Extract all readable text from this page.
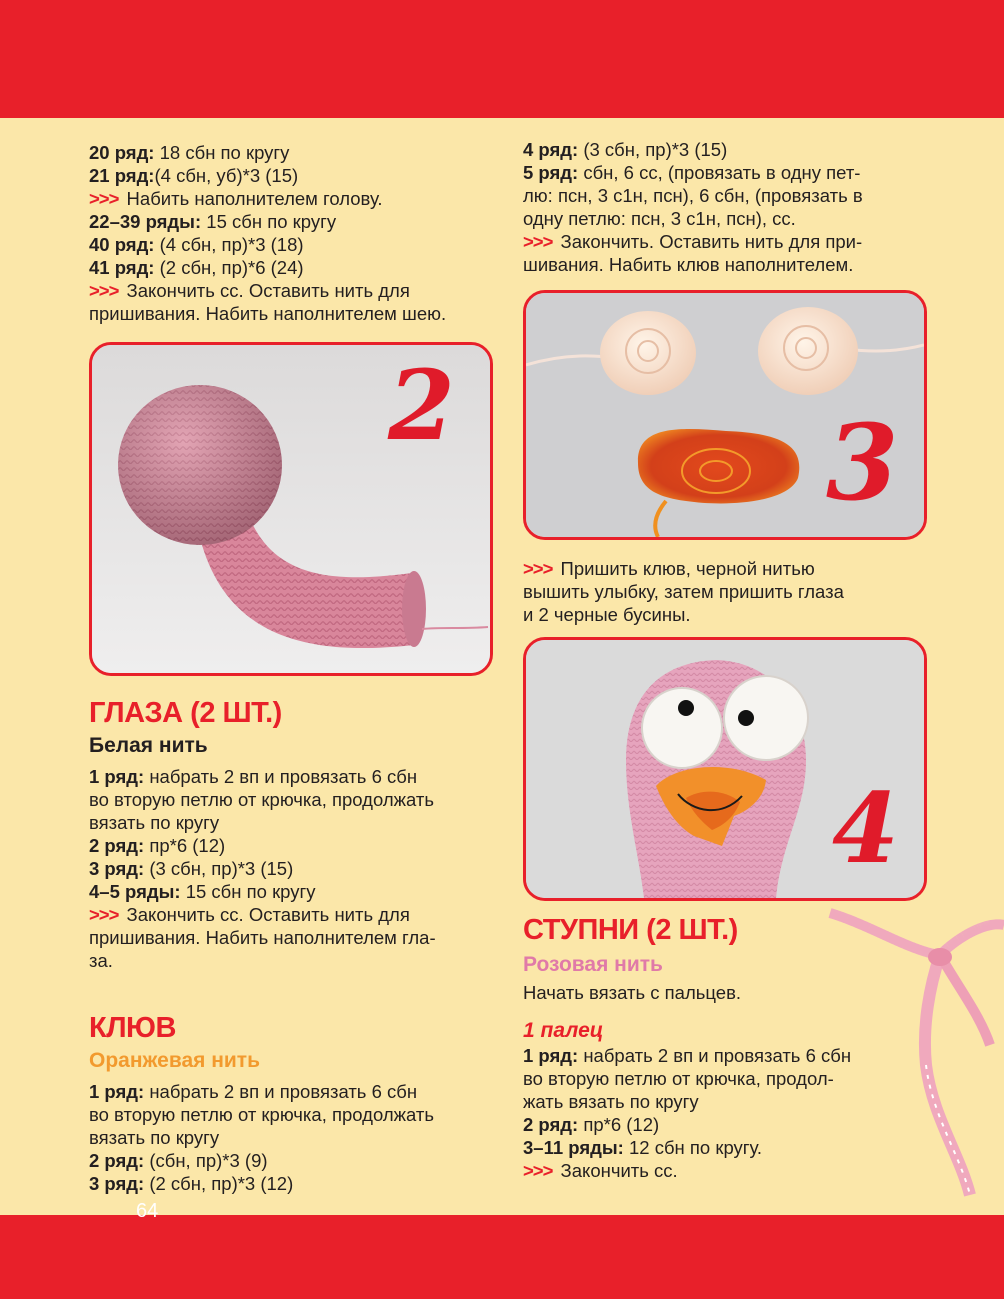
20 ряд: 18 сбн по кругу
21 ряд:(4 сбн, уб)*3 (15)
>>> Набить наполнителем голову.
22–39 ряды: 15 сбн по кругу
40 ряд: (4 сбн, пр)*3 (18)
41 ряд: (2 сбн, пр)*6 (24)
>>> Закончить сс. Оставить нить для
пришивания. Набить наполнителем шею.
2
ГЛАЗА (2 ШТ.)
Белая нить
1 ряд: набрать 2 вп и провязать 6 сбн
во вторую петлю от крючка, продолжать
вязать по кругу
2 ряд: пр*6 (12)
3 ряд: (3 сбн, пр)*3 (15)
4–5 ряды: 15 сбн по кругу
>>> Закончить сс. Оставить нить для
пришивания. Набить наполнителем гла-
за.
КЛЮВ
Оранжевая нить
1 ряд: набрать 2 вп и провязать 6 сбн
во вторую петлю от крючка, продолжать
вязать по кругу
2 ряд: (сбн, пр)*3 (9)
3 ряд: (2 сбн, пр)*3 (12)
4 ряд: (3 сбн, пр)*3 (15)
5 ряд: сбн, 6 сс, (провязать в одну пет-
лю: псн, 3 с1н, псн), 6 сбн, (провязать в
одну петлю: псн, 3 с1н, псн), сс.
>>> Закончить. Оставить нить для при-
шивания. Набить клюв наполнителем.
3
>>> Пришить клюв, черной нитью
вышить улыбку, затем пришить глаза
и 2 черные бусины.
4
СТУПНИ (2 ШТ.)
Розовая нить
Начать вязать с пальцев.
1 палец
1 ряд: набрать 2 вп и провязать 6 сбн
во вторую петлю от крючка, продол-
жать вязать по кругу
2 ряд: пр*6 (12)
3–11 ряды: 12 сбн по кругу.
>>> Закончить сс.
64
